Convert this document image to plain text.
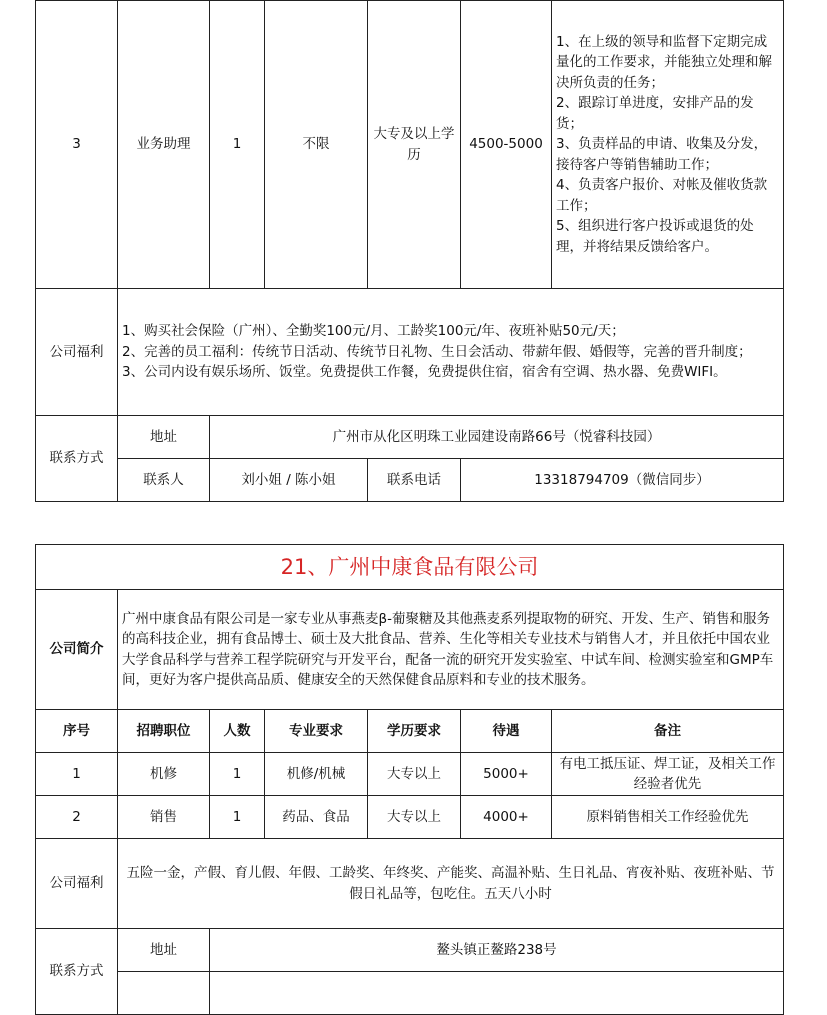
3	业务助理	1	不限	大专及以上学历	4500-5000	1、在上级的领导和监督下定期完成量化的工作要求，并能独立处理和解决所负责的任务；
2、跟踪订单进度，安排产品的发货；
3、负责样品的申请、收集及分发，接待客户等销售辅助工作；
4、负责客户报价、对帐及催收货款工作；
5、组织进行客户投诉或退货的处理，并将结果反馈给客户。

公司福利	1、购买社会保险（广州）、全勤奖100元/月、工龄奖100元/年、夜班补贴50元/天；
2、完善的员工福利：传统节日活动、传统节日礼物、生日会活动、带薪年假、婚假等，完善的晋升制度；
3、公司内设有娱乐场所、饭堂。免费提供工作餐，免费提供住宿，宿舍有空调、热水器、免费WIFI。					

联系方式	地址	广州市从化区明珠工业园建设南路66号（悦睿科技园）				
	联系人	刘小姐 / 陈小姐		联系电话	13318794709（微信同步）	
21、广州中康食品有限公司						
公司简介	广州中康食品有限公司是一家专业从事燕麦β-葡聚糖及其他燕麦系列提取物的研究、开发、生产、销售和服务的高科技企业，拥有食品博士、硕士及大批食品、营养、生化等相关专业技术与销售人才，并且依托中国农业大学食品科学与营养工程学院研究与开发平台，配备一流的研究开发实验室、中试车间、检测实验室和GMP车间，更好为客户提供高品质、健康安全的天然保健食品原料和专业的技术服务。					
序号	招聘职位	人数	专业要求	学历要求	待遇	备注
1	机修	1	机修/机械	大专以上	5000+	有电工抵压证、焊工证，及相关工作经验者优先
2	销售	1	药品、食品	大专以上	4000+	原料销售相关工作经验优先
公司福利	五险一金，产假、育儿假、年假、工龄奖、年终奖、产能奖、高温补贴、生日礼品、宵夜补贴、夜班补贴、节假日礼品等，包吃住。五天八小时					
联系方式	地址	鳌头镇正鳌路238号				
